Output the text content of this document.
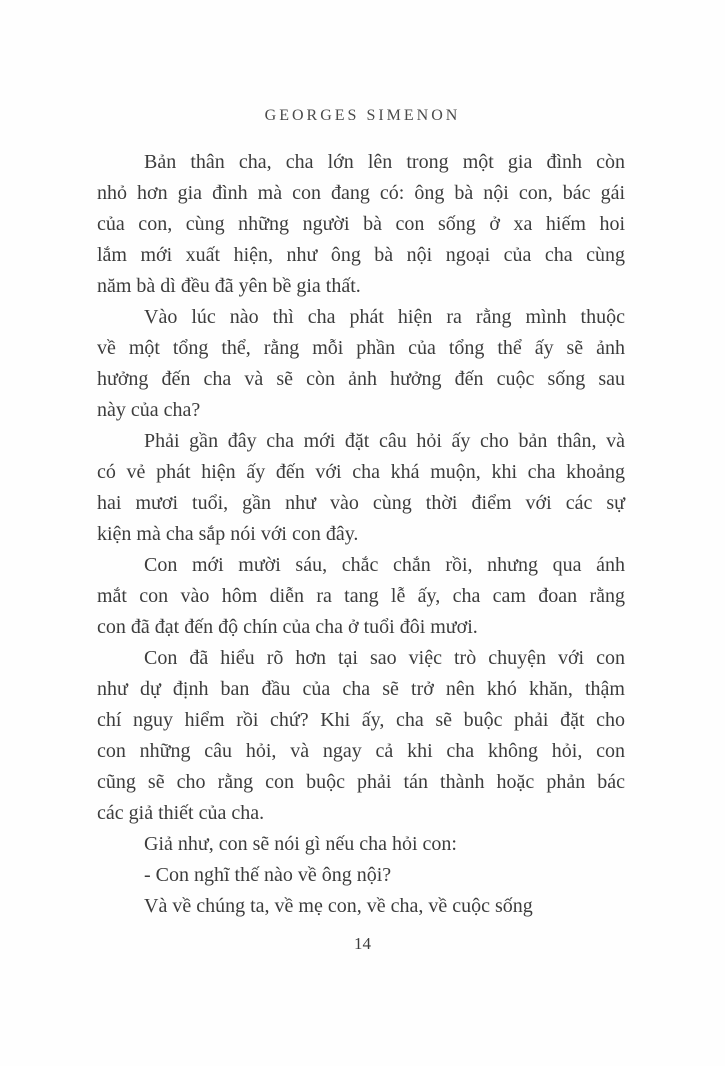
GEORGES SIMENON

Bản thân cha, cha lớn lên trong một gia đình còn
nhỏ hơn gia đình mà con đang có: ông bà nội con, bác gái
của con, cùng những người bà con sống ở xa hiếm hoi
lắm mới xuất hiện, như ông bà nội ngoại của cha cùng
năm bà dì đều đã yên bề gia thất.

Vào lúc nào thì cha phát hiện ra rằng mình thuộc
về một tổng thể, rằng mỗi phần của tổng thể ấy sẽ ảnh
hưởng đến cha và sẽ còn ảnh hưởng đến cuộc sống sau
này của cha?

Phải gần đây cha mới đặt câu hỏi ấy cho bản thân, và
có vẻ phát hiện ấy đến với cha khá muộn, khi cha khoảng
hai mươi tuổi, gần như vào cùng thời điểm với các sự
kiện mà cha sắp nói với con đây.

Con mới mười sáu, chắc chắn rồi, nhưng qua ánh
mắt con vào hôm diễn ra tang lễ ấy, cha cam đoan rằng
con đã đạt đến độ chín của cha ở tuổi đôi mươi.

Con đã hiểu rõ hơn tại sao việc trò chuyện với con
như dự định ban đầu của cha sẽ trở nên khó khăn, thậm
chí nguy hiểm rồi chứ? Khi ấy, cha sẽ buộc phải đặt cho
con những câu hỏi, và ngay cả khi cha không hỏi, con
cũng sẽ cho rằng con buộc phải tán thành hoặc phản bác
các giả thiết của cha.

Giả như, con sẽ nói gì nếu cha hỏi con:

- Con nghĩ thế nào về ông nội?

Và về chúng ta, về mẹ con, về cha, về cuộc sống

14
